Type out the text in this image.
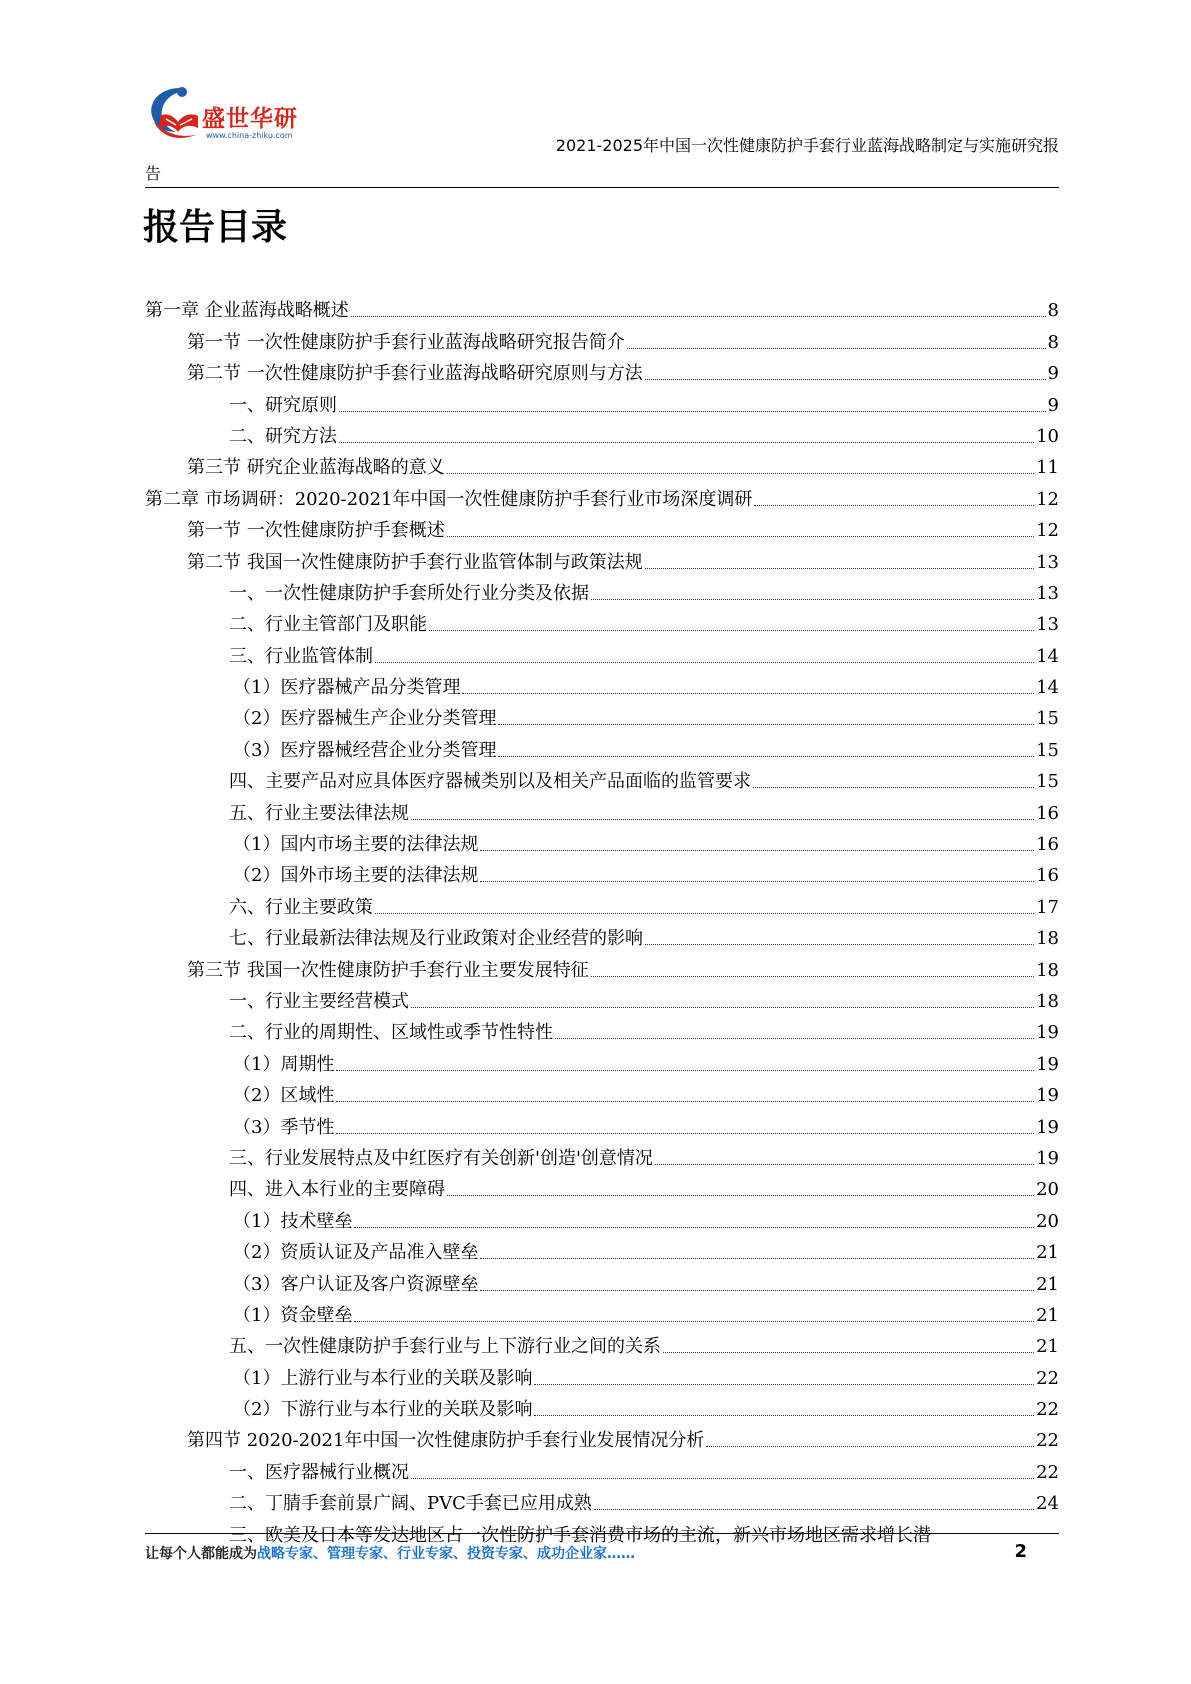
盛世华研
www.china-zhiku.com
2021-2025年中国一次性健康防护手套行业蓝海战略制定与实施研究报
告
报告目录
第一章 企业蓝海战略概述	8
第一节 一次性健康防护手套行业蓝海战略研究报告简介	8
第二节 一次性健康防护手套行业蓝海战略研究原则与方法	9
一、研究原则	9
二、研究方法	10
第三节 研究企业蓝海战略的意义	11
第二章 市场调研：2020-2021年中国一次性健康防护手套行业市场深度调研	12
第一节 一次性健康防护手套概述	12
第二节 我国一次性健康防护手套行业监管体制与政策法规	13
一、一次性健康防护手套所处行业分类及依据	13
二、行业主管部门及职能	13
三、行业监管体制	14
（1）医疗器械产品分类管理	14
（2）医疗器械生产企业分类管理	15
（3）医疗器械经营企业分类管理	15
四、主要产品对应具体医疗器械类别以及相关产品面临的监管要求	15
五、行业主要法律法规	16
（1）国内市场主要的法律法规	16
（2）国外市场主要的法律法规	16
六、行业主要政策	17
七、行业最新法律法规及行业政策对企业经营的影响	18
第三节 我国一次性健康防护手套行业主要发展特征	18
一、行业主要经营模式	18
二、行业的周期性、区域性或季节性特性	19
（1）周期性	19
（2）区域性	19
（3）季节性	19
三、行业发展特点及中红医疗有关创新'创造'创意情况	19
四、进入本行业的主要障碍	20
（1）技术壁垒	20
（2）资质认证及产品准入壁垒	21
（3）客户认证及客户资源壁垒	21
（1）资金壁垒	21
五、一次性健康防护手套行业与上下游行业之间的关系	21
（1）上游行业与本行业的关联及影响	22
（2）下游行业与本行业的关联及影响	22
第四节 2020-2021年中国一次性健康防护手套行业发展情况分析	22
一、医疗器械行业概况	22
二、丁腈手套前景广阔、PVC手套已应用成熟	24
三、欧美及日本等发达地区占一次性防护手套消费市场的主流，新兴市场地区需求增长潜
让每个人都能成为战略专家、管理专家、行业专家、投资专家、成功企业家……	2
